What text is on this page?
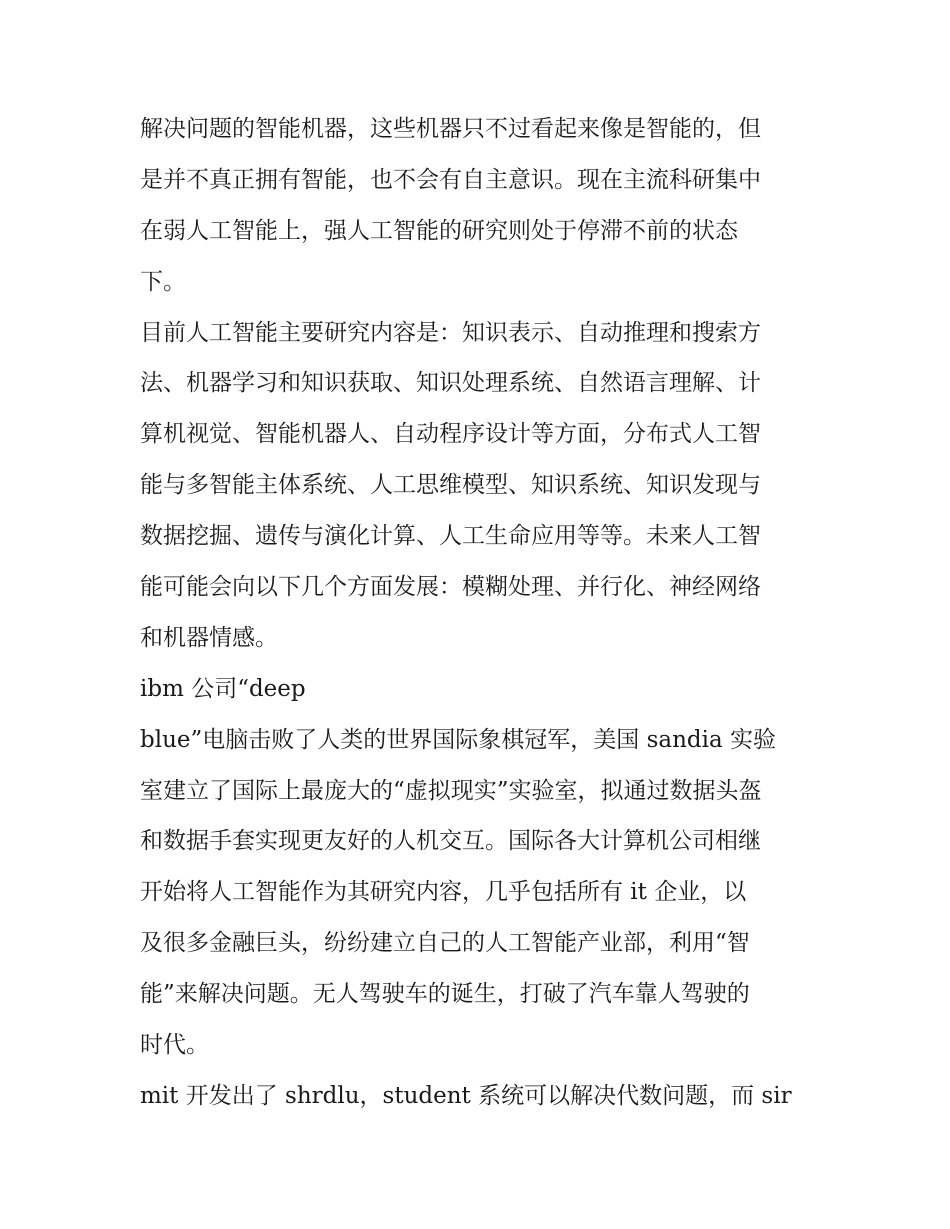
解决问题的智能机器，这些机器只不过看起来像是智能的，但
是并不真正拥有智能，也不会有自主意识。现在主流科研集中
在弱人工智能上，强人工智能的研究则处于停滞不前的状态
下。
目前人工智能主要研究内容是：知识表示、自动推理和搜索方
法、机器学习和知识获取、知识处理系统、自然语言理解、计
算机视觉、智能机器人、自动程序设计等方面，分布式人工智
能与多智能主体系统、人工思维模型、知识系统、知识发现与
数据挖掘、遗传与演化计算、人工生命应用等等。未来人工智
能可能会向以下几个方面发展：模糊处理、并行化、神经网络
和机器情感。
ibm 公司“deep
blue”电脑击败了人类的世界国际象棋冠军，美国 sandia 实验
室建立了国际上最庞大的“虚拟现实”实验室，拟通过数据头盔
和数据手套实现更友好的人机交互。国际各大计算机公司相继
开始将人工智能作为其研究内容，几乎包括所有 it 企业，以
及很多金融巨头，纷纷建立自己的人工智能产业部，利用“智
能”来解决问题。无人驾驶车的诞生，打破了汽车靠人驾驶的
时代。
mit 开发出了 shrdlu，student 系统可以解决代数问题，而 sir
